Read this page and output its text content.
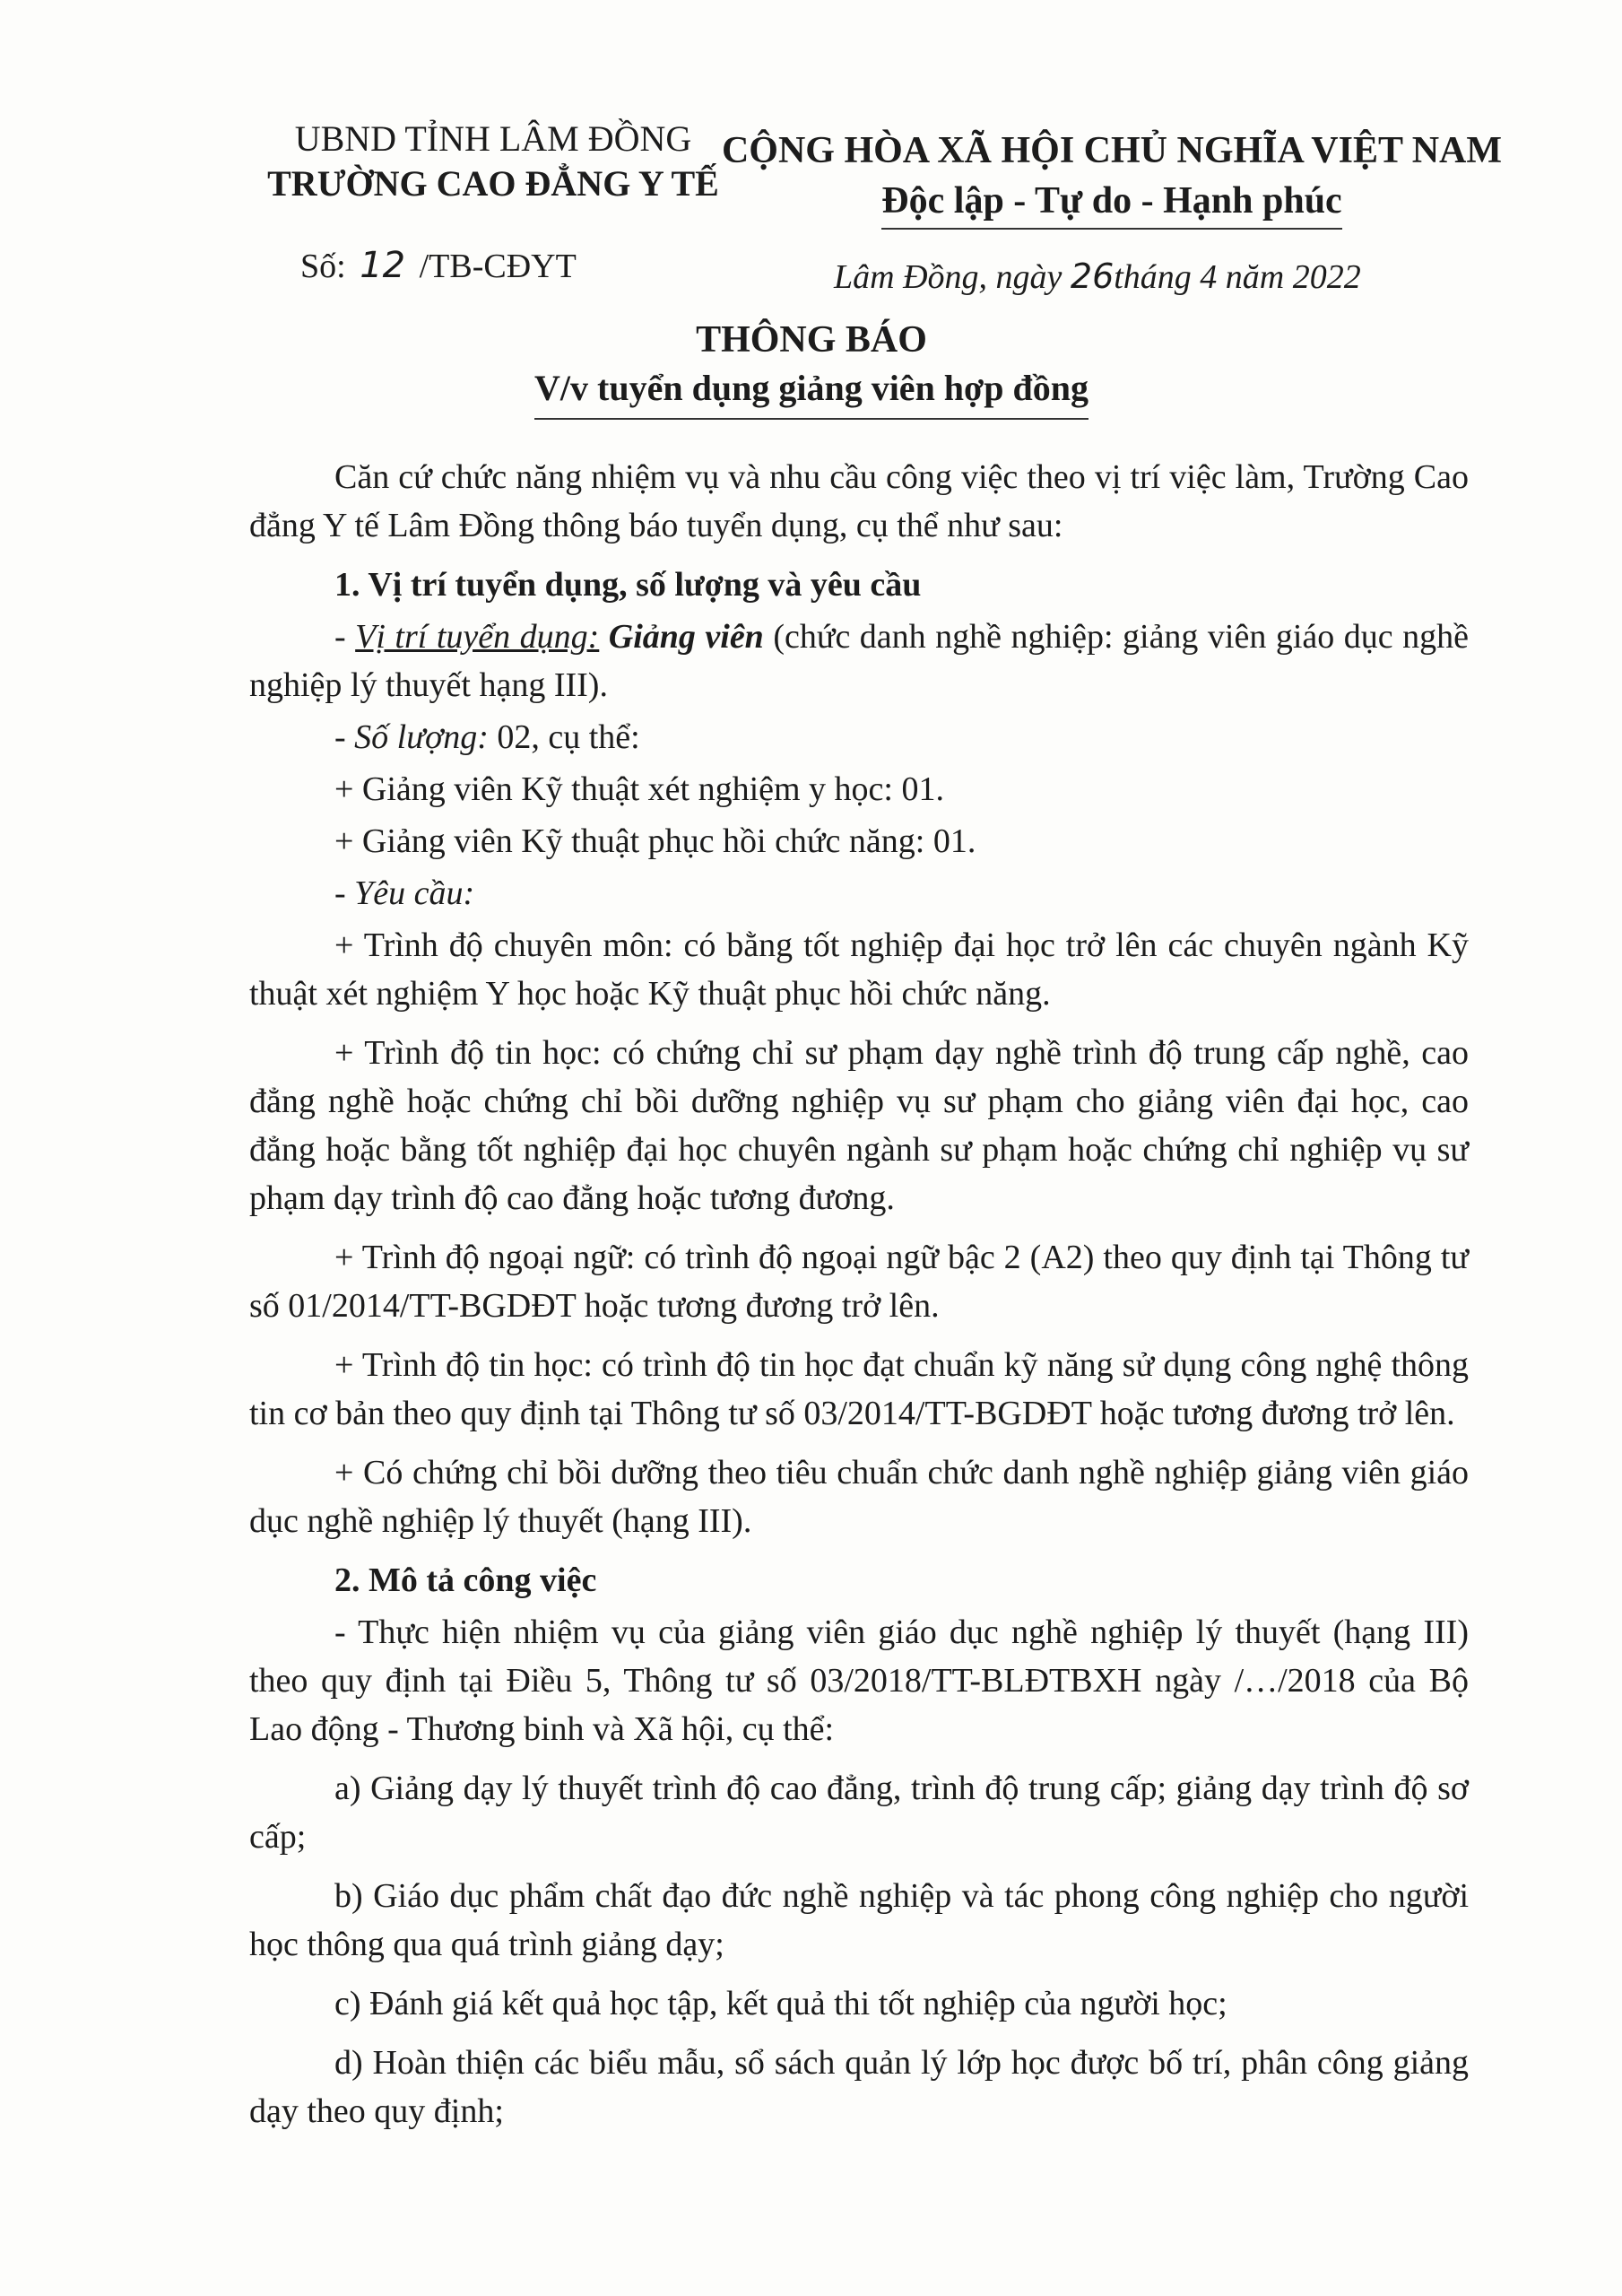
UBND TỈNH LÂM ĐỒNG
TRƯỜNG CAO ĐẲNG Y TẾ
CỘNG HÒA XÃ HỘI CHỦ NGHĨA VIỆT NAM
Độc lập - Tự do - Hạnh phúc
Số: 12 /TB-CĐYT	Lâm Đồng, ngày 26tháng 4 năm 2022
THÔNG BÁO
V/v tuyển dụng giảng viên hợp đồng

Căn cứ chức năng nhiệm vụ và nhu cầu công việc theo vị trí việc làm, Trường Cao đẳng Y tế Lâm Đồng thông báo tuyển dụng, cụ thể như sau:

1. Vị trí tuyển dụng, số lượng và yêu cầu

- Vị trí tuyển dụng: Giảng viên (chức danh nghề nghiệp: giảng viên giáo dục nghề nghiệp lý thuyết hạng III).

- Số lượng: 02, cụ thể:

+ Giảng viên Kỹ thuật xét nghiệm y học: 01.

+ Giảng viên Kỹ thuật phục hồi chức năng: 01.

- Yêu cầu:

+ Trình độ chuyên môn: có bằng tốt nghiệp đại học trở lên các chuyên ngành Kỹ thuật xét nghiệm Y học hoặc Kỹ thuật phục hồi chức năng.

+ Trình độ tin học: có chứng chỉ sư phạm dạy nghề trình độ trung cấp nghề, cao đẳng nghề hoặc chứng chỉ bồi dưỡng nghiệp vụ sư phạm cho giảng viên đại học, cao đẳng hoặc bằng tốt nghiệp đại học chuyên ngành sư phạm hoặc chứng chỉ nghiệp vụ sư phạm dạy trình độ cao đẳng hoặc tương đương.

+ Trình độ ngoại ngữ: có trình độ ngoại ngữ bậc 2 (A2) theo quy định tại Thông tư số 01/2014/TT-BGDĐT hoặc tương đương trở lên.

+ Trình độ tin học: có trình độ tin học đạt chuẩn kỹ năng sử dụng công nghệ thông tin cơ bản theo quy định tại Thông tư số 03/2014/TT-BGDĐT hoặc tương đương trở lên.

+ Có chứng chỉ bồi dưỡng theo tiêu chuẩn chức danh nghề nghiệp giảng viên giáo dục nghề nghiệp lý thuyết (hạng III).

2. Mô tả công việc

- Thực hiện nhiệm vụ của giảng viên giáo dục nghề nghiệp lý thuyết (hạng III) theo quy định tại Điều 5, Thông tư số 03/2018/TT-BLĐTBXH ngày /…/2018 của Bộ Lao động - Thương binh và Xã hội, cụ thể:

a) Giảng dạy lý thuyết trình độ cao đẳng, trình độ trung cấp; giảng dạy trình độ sơ cấp;

b) Giáo dục phẩm chất đạo đức nghề nghiệp và tác phong công nghiệp cho người học thông qua quá trình giảng dạy;

c) Đánh giá kết quả học tập, kết quả thi tốt nghiệp của người học;

d) Hoàn thiện các biểu mẫu, sổ sách quản lý lớp học được bố trí, phân công giảng dạy theo quy định;
